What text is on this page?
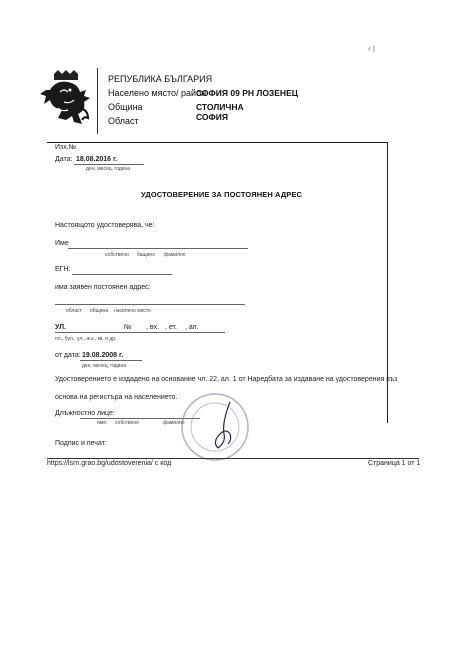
‹ |
РЕПУБЛИКА БЪЛГАРИЯ
Населено място/ район
СОФИЯ 09 РН ЛОЗЕНЕЦ
Община	СТОЛИЧНА
Област	СОФИЯ
Изх.№
Дата: 18.08.2016 г.
ден, месец, година
УДОСТОВЕРЕНИЕ ЗА ПОСТОЯНЕН АДРЕС
Настоящото удостоверява, че:
Име
собствено бащино фамилно
ЕГН:
има заявен постоянен адрес:
област община населено място
УЛ.	№ , вх. , ет. , ап.
пл., бул., ул., ж.к., кв. и др.
от дата: 19.08.2008 г.
ден, месец, година
Удостоверението е издадено на основание чл. 22, ал. 1 от Наредбата за издаване на удостоверения въз
основа на регистъра на населението.
Длъжностно лице:
име: собствено	фамилно
Подпис и печат:
https://lsrn.grao.bg/udostoverenia/ с код	Страница 1 от 1
